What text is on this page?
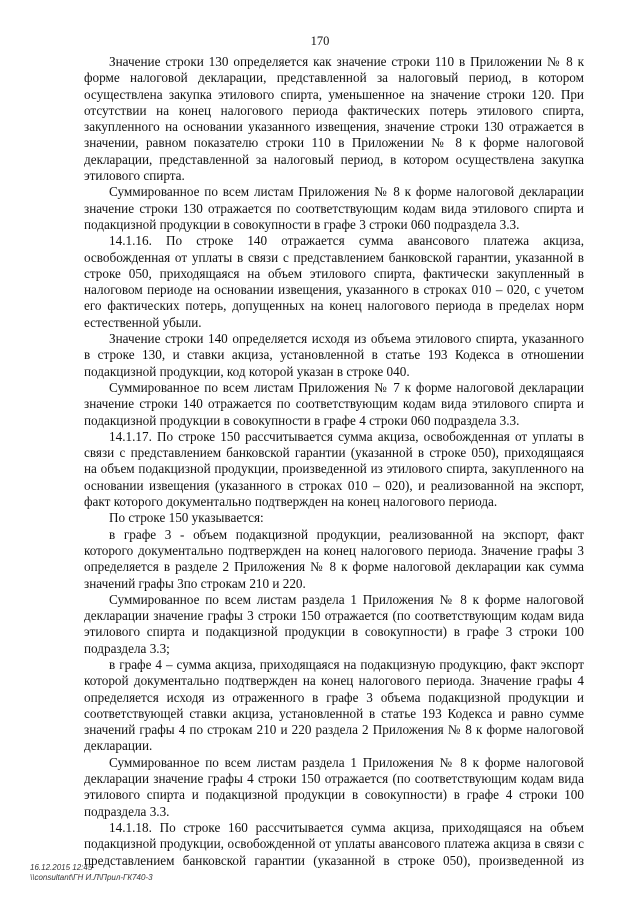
170

Значение строки 130 определяется как значение строки 110 в Приложении № 8 к
форме налоговой декларации, представленной за налоговый период, в котором
осуществлена закупка этилового спирта, уменьшенное на значение строки 120. При
отсутствии на конец налогового периода фактических потерь этилового спирта,
закупленного на основании указанного извещения, значение строки 130 отражается в
значении, равном показателю строки 110 в Приложении № 8 к форме налоговой
декларации, представленной за налоговый период, в котором осуществлена закупка
этилового спирта.

Суммированное по всем листам Приложения № 8 к форме налоговой декларации
значение строки 130 отражается по соответствующим кодам вида этилового спирта и
подакцизной продукции в совокупности в графе 3 строки 060 подраздела 3.3.

14.1.16. По строке 140 отражается сумма авансового платежа акциза,
освобожденная от уплаты в связи с представлением банковской гарантии, указанной в
строке 050, приходящаяся на объем этилового спирта, фактически закупленный в
налоговом периоде на основании извещения, указанного в строках 010 – 020, с учетом
его фактических потерь, допущенных на конец налогового периода в пределах норм
естественной убыли.

Значение строки 140 определяется исходя из объема этилового спирта, указанного
в строке 130, и ставки акциза, установленной в статье 193 Кодекса в отношении
подакцизной продукции, код которой указан в строке 040.

Суммированное по всем листам Приложения № 7 к форме налоговой декларации
значение строки 140 отражается по соответствующим кодам вида этилового спирта и
подакцизной продукции в совокупности в графе 4 строки 060 подраздела 3.3.

14.1.17. По строке 150 рассчитывается сумма акциза, освобожденная от уплаты в
связи с представлением банковской гарантии (указанной в строке 050), приходящаяся
на объем подакцизной продукции, произведенной из этилового спирта, закупленного на
основании извещения (указанного в строках 010 – 020), и реализованной на экспорт,
факт которого документально подтвержден на конец налогового периода.

По строке 150 указывается:

в графе 3 - объем подакцизной продукции, реализованной на экспорт, факт
которого документально подтвержден на конец налогового периода. Значение графы 3
определяется в разделе 2 Приложения № 8 к форме налоговой декларации как сумма
значений графы 3по строкам 210 и 220.

Суммированное по всем листам раздела 1 Приложения № 8 к форме налоговой
декларации значение графы 3 строки 150 отражается (по соответствующим кодам вида
этилового спирта и подакцизной продукции в совокупности) в графе 3 строки 100
подраздела 3.3;

в графе 4 – сумма акциза, приходящаяся на подакцизную продукцию, факт экспорт
которой документально подтвержден на конец налогового периода. Значение графы 4
определяется исходя из отраженного в графе 3 объема подакцизной продукции и
соответствующей ставки акциза, установленной в статье 193 Кодекса и равно сумме
значений графы 4 по строкам 210 и 220 раздела 2 Приложения № 8 к форме налоговой
декларации.

Суммированное по всем листам раздела 1 Приложения № 8 к форме налоговой
декларации значение графы 4 строки 150 отражается (по соответствующим кодам вида
этилового спирта и подакцизной продукции в совокупности) в графе 4 строки 100
подраздела 3.3.

14.1.18. По строке 160 рассчитывается сумма акциза, приходящаяся на объем
подакцизной продукции, освобожденной от уплаты авансового платежа акциза в связи с
представлением банковской гарантии (указанной в строке 050), произведенной из

16.12.2015 12:45
\\consultant\ГН И.Л\Прил-ГК740-3
